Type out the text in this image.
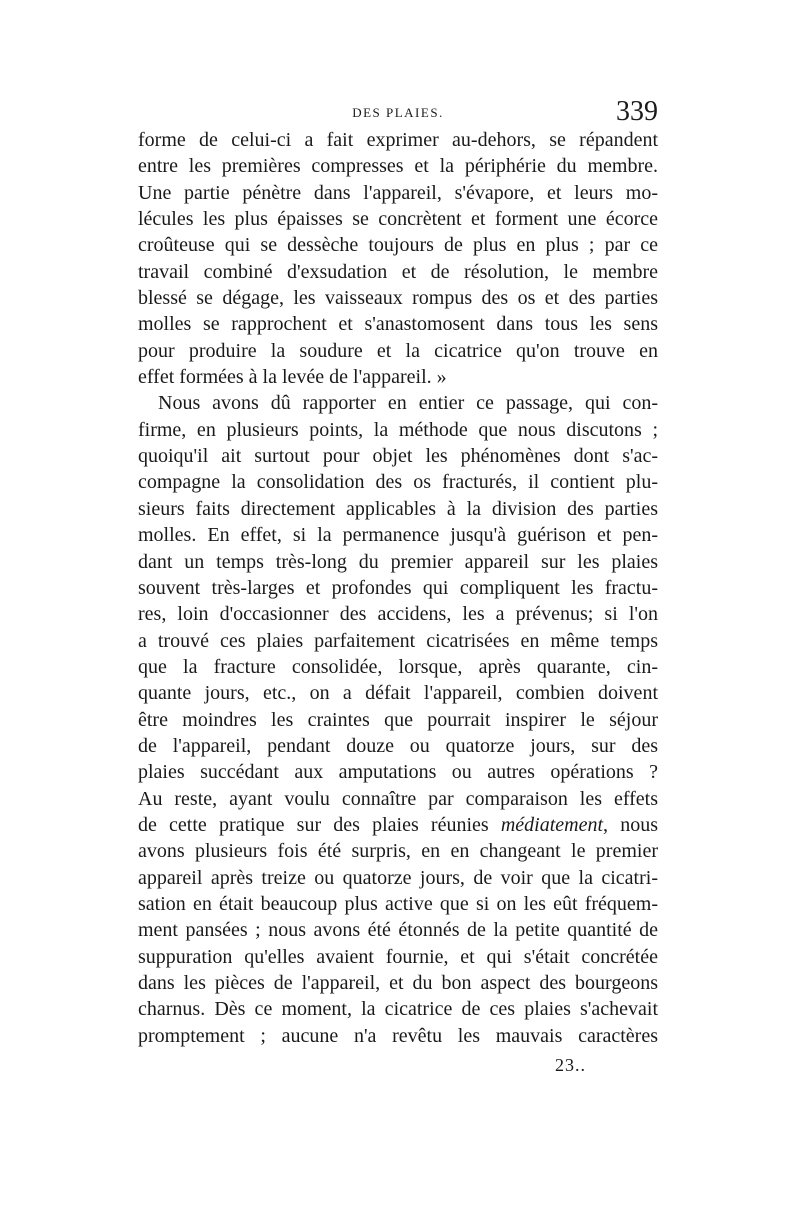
DES PLAIES.	339
forme de celui-ci a fait exprimer au-dehors, se répandent
entre les premières compresses et la périphérie du membre.
Une partie pénètre dans l'appareil, s'évapore, et leurs mo-
lécules les plus épaisses se concrètent et forment une écorce
croûteuse qui se dessèche toujours de plus en plus ; par ce
travail combiné d'exsudation et de résolution, le membre
blessé se dégage, les vaisseaux rompus des os et des parties
molles se rapprochent et s'anastomosent dans tous les sens
pour produire la soudure et la cicatrice qu'on trouve en
effet formées à la levée de l'appareil. »
Nous avons dû rapporter en entier ce passage, qui con-
firme, en plusieurs points, la méthode que nous discutons ;
quoiqu'il ait surtout pour objet les phénomènes dont s'ac-
compagne la consolidation des os fracturés, il contient plu-
sieurs faits directement applicables à la division des parties
molles. En effet, si la permanence jusqu'à guérison et pen-
dant un temps très-long du premier appareil sur les plaies
souvent très-larges et profondes qui compliquent les fractu-
res, loin d'occasionner des accidens, les a prévenus; si l'on
a trouvé ces plaies parfaitement cicatrisées en même temps
que la fracture consolidée, lorsque, après quarante, cin-
quante jours, etc., on a défait l'appareil, combien doivent
être moindres les craintes que pourrait inspirer le séjour
de l'appareil, pendant douze ou quatorze jours, sur des
plaies succédant aux amputations ou autres opérations ?
Au reste, ayant voulu connaître par comparaison les effets
de cette pratique sur des plaies réunies médiatement, nous
avons plusieurs fois été surpris, en en changeant le premier
appareil après treize ou quatorze jours, de voir que la cicatri-
sation en était beaucoup plus active que si on les eût fréquem-
ment pansées ; nous avons été étonnés de la petite quantité de
suppuration qu'elles avaient fournie, et qui s'était concrétée
dans les pièces de l'appareil, et du bon aspect des bourgeons
charnus. Dès ce moment, la cicatrice de ces plaies s'achevait
promptement ; aucune n'a revêtu les mauvais caractères
23..
